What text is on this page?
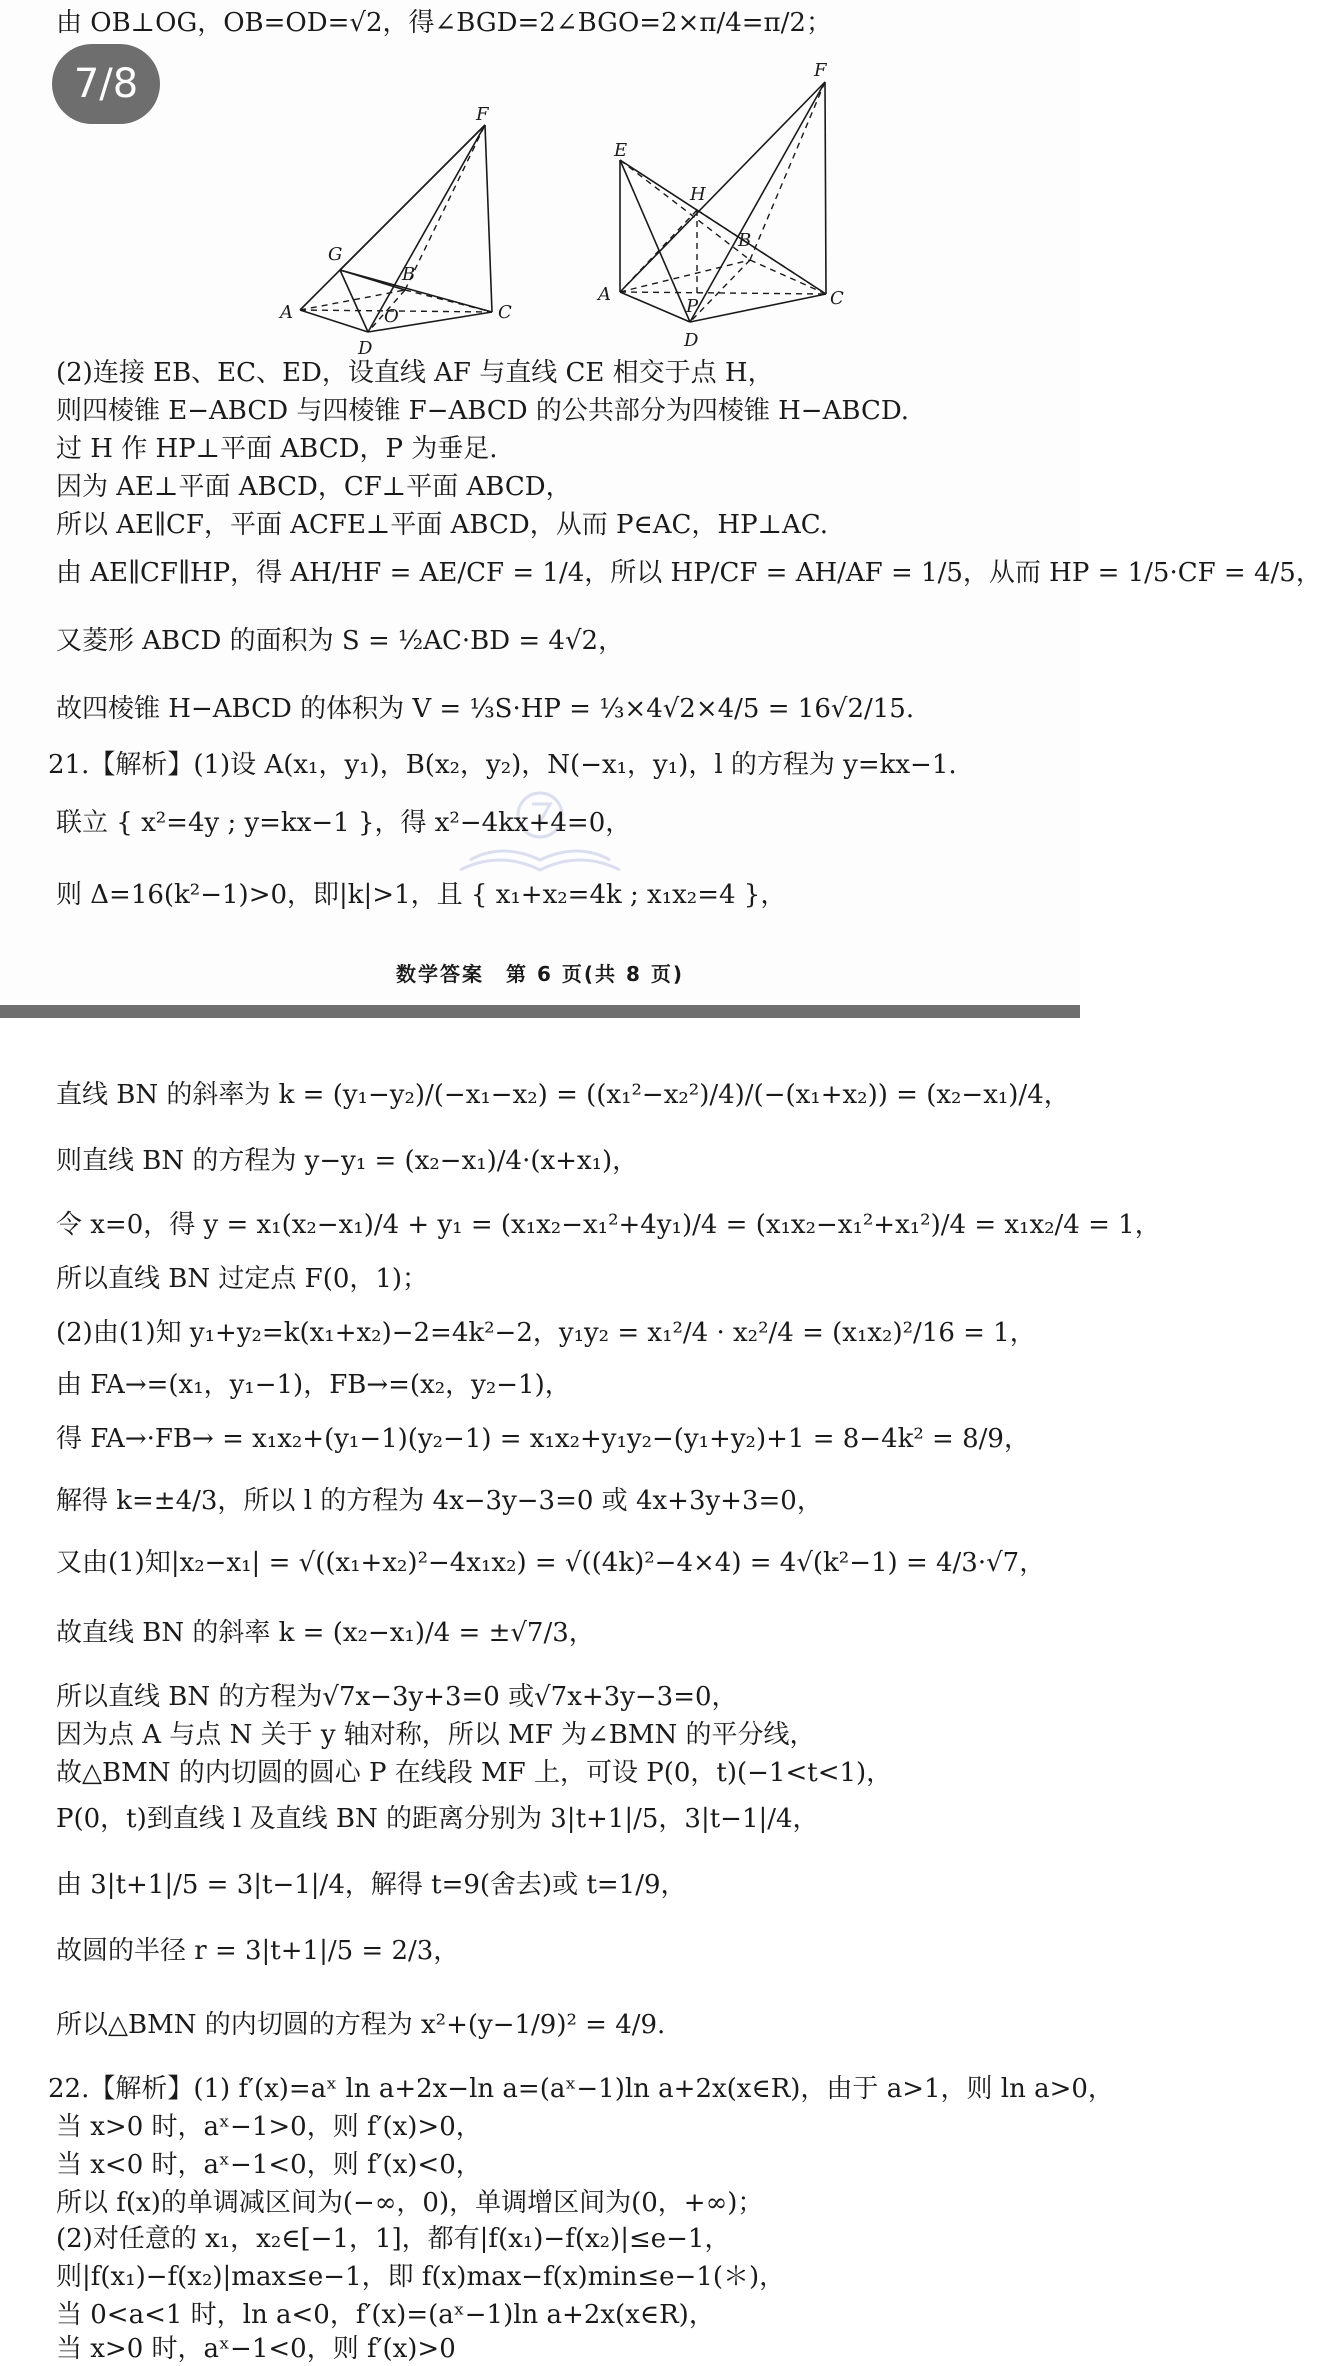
由 OB⊥OG，OB=OD=√2，得∠BGD=2∠BGO=2×π/4=π/2；
7/8
F
G
A
B
O
D
C
F
E
H
B
A
P	C
D
(2)连接 EB、EC、ED，设直线 AF 与直线 CE 相交于点 H，
则四棱锥 E−ABCD 与四棱锥 F−ABCD 的公共部分为四棱锥 H−ABCD.
过 H 作 HP⊥平面 ABCD，P 为垂足.
因为 AE⊥平面 ABCD，CF⊥平面 ABCD，
所以 AE∥CF，平面 ACFE⊥平面 ABCD，从而 P∈AC，HP⊥AC.
由 AE∥CF∥HP，得 AH/HF = AE/CF = 1/4，所以 HP/CF = AH/AF = 1/5，从而 HP = 1/5·CF = 4/5，
又菱形 ABCD 的面积为 S = ½AC·BD = 4√2，
故四棱锥 H−ABCD 的体积为 V = ⅓S·HP = ⅓×4√2×4/5 = 16√2/15.
21.【解析】(1)设 A(x₁，y₁)，B(x₂，y₂)，N(−x₁，y₁)，l 的方程为 y=kx−1.
联立 { x²=4y ; y=kx−1 }，得 x²−4kx+4=0，
则 Δ=16(k²−1)>0，即|k|>1，且 { x₁+x₂=4k ; x₁x₂=4 }，
数学答案　第 6 页(共 8 页)
直线 BN 的斜率为 k = (y₁−y₂)/(−x₁−x₂) = ((x₁²−x₂²)/4)/(−(x₁+x₂)) = (x₂−x₁)/4，
则直线 BN 的方程为 y−y₁ = (x₂−x₁)/4·(x+x₁)，
令 x=0，得 y = x₁(x₂−x₁)/4 + y₁ = (x₁x₂−x₁²+4y₁)/4 = (x₁x₂−x₁²+x₁²)/4 = x₁x₂/4 = 1，
所以直线 BN 过定点 F(0，1)；
(2)由(1)知 y₁+y₂=k(x₁+x₂)−2=4k²−2，y₁y₂ = x₁²/4 · x₂²/4 = (x₁x₂)²/16 = 1，
由 FA→=(x₁，y₁−1)，FB→=(x₂，y₂−1)，
得 FA→·FB→ = x₁x₂+(y₁−1)(y₂−1) = x₁x₂+y₁y₂−(y₁+y₂)+1 = 8−4k² = 8/9，
解得 k=±4/3，所以 l 的方程为 4x−3y−3=0 或 4x+3y+3=0，
又由(1)知|x₂−x₁| = √((x₁+x₂)²−4x₁x₂) = √((4k)²−4×4) = 4√(k²−1) = 4/3·√7，
故直线 BN 的斜率 k = (x₂−x₁)/4 = ±√7/3，
所以直线 BN 的方程为√7x−3y+3=0 或√7x+3y−3=0，
因为点 A 与点 N 关于 y 轴对称，所以 MF 为∠BMN 的平分线，
故△BMN 的内切圆的圆心 P 在线段 MF 上，可设 P(0，t)(−1<t<1)，
P(0，t)到直线 l 及直线 BN 的距离分别为 3|t+1|/5，3|t−1|/4，
由 3|t+1|/5 = 3|t−1|/4，解得 t=9(舍去)或 t=1/9，
故圆的半径 r = 3|t+1|/5 = 2/3，
所以△BMN 的内切圆的方程为 x²+(y−1/9)² = 4/9.
22.【解析】(1) f′(x)=aˣ ln a+2x−ln a=(aˣ−1)ln a+2x(x∈R)，由于 a>1，则 ln a>0，
当 x>0 时，aˣ−1>0，则 f′(x)>0，
当 x<0 时，aˣ−1<0，则 f′(x)<0，
所以 f(x)的单调减区间为(−∞，0)，单调增区间为(0，+∞)；
(2)对任意的 x₁，x₂∈[−1，1]，都有|f(x₁)−f(x₂)|≤e−1，
则|f(x₁)−f(x₂)|max≤e−1，即 f(x)max−f(x)min≤e−1(＊)，
当 0<a<1 时，ln a<0，f′(x)=(aˣ−1)ln a+2x(x∈R)，
当 x>0 时，aˣ−1<0，则 f′(x)>0
